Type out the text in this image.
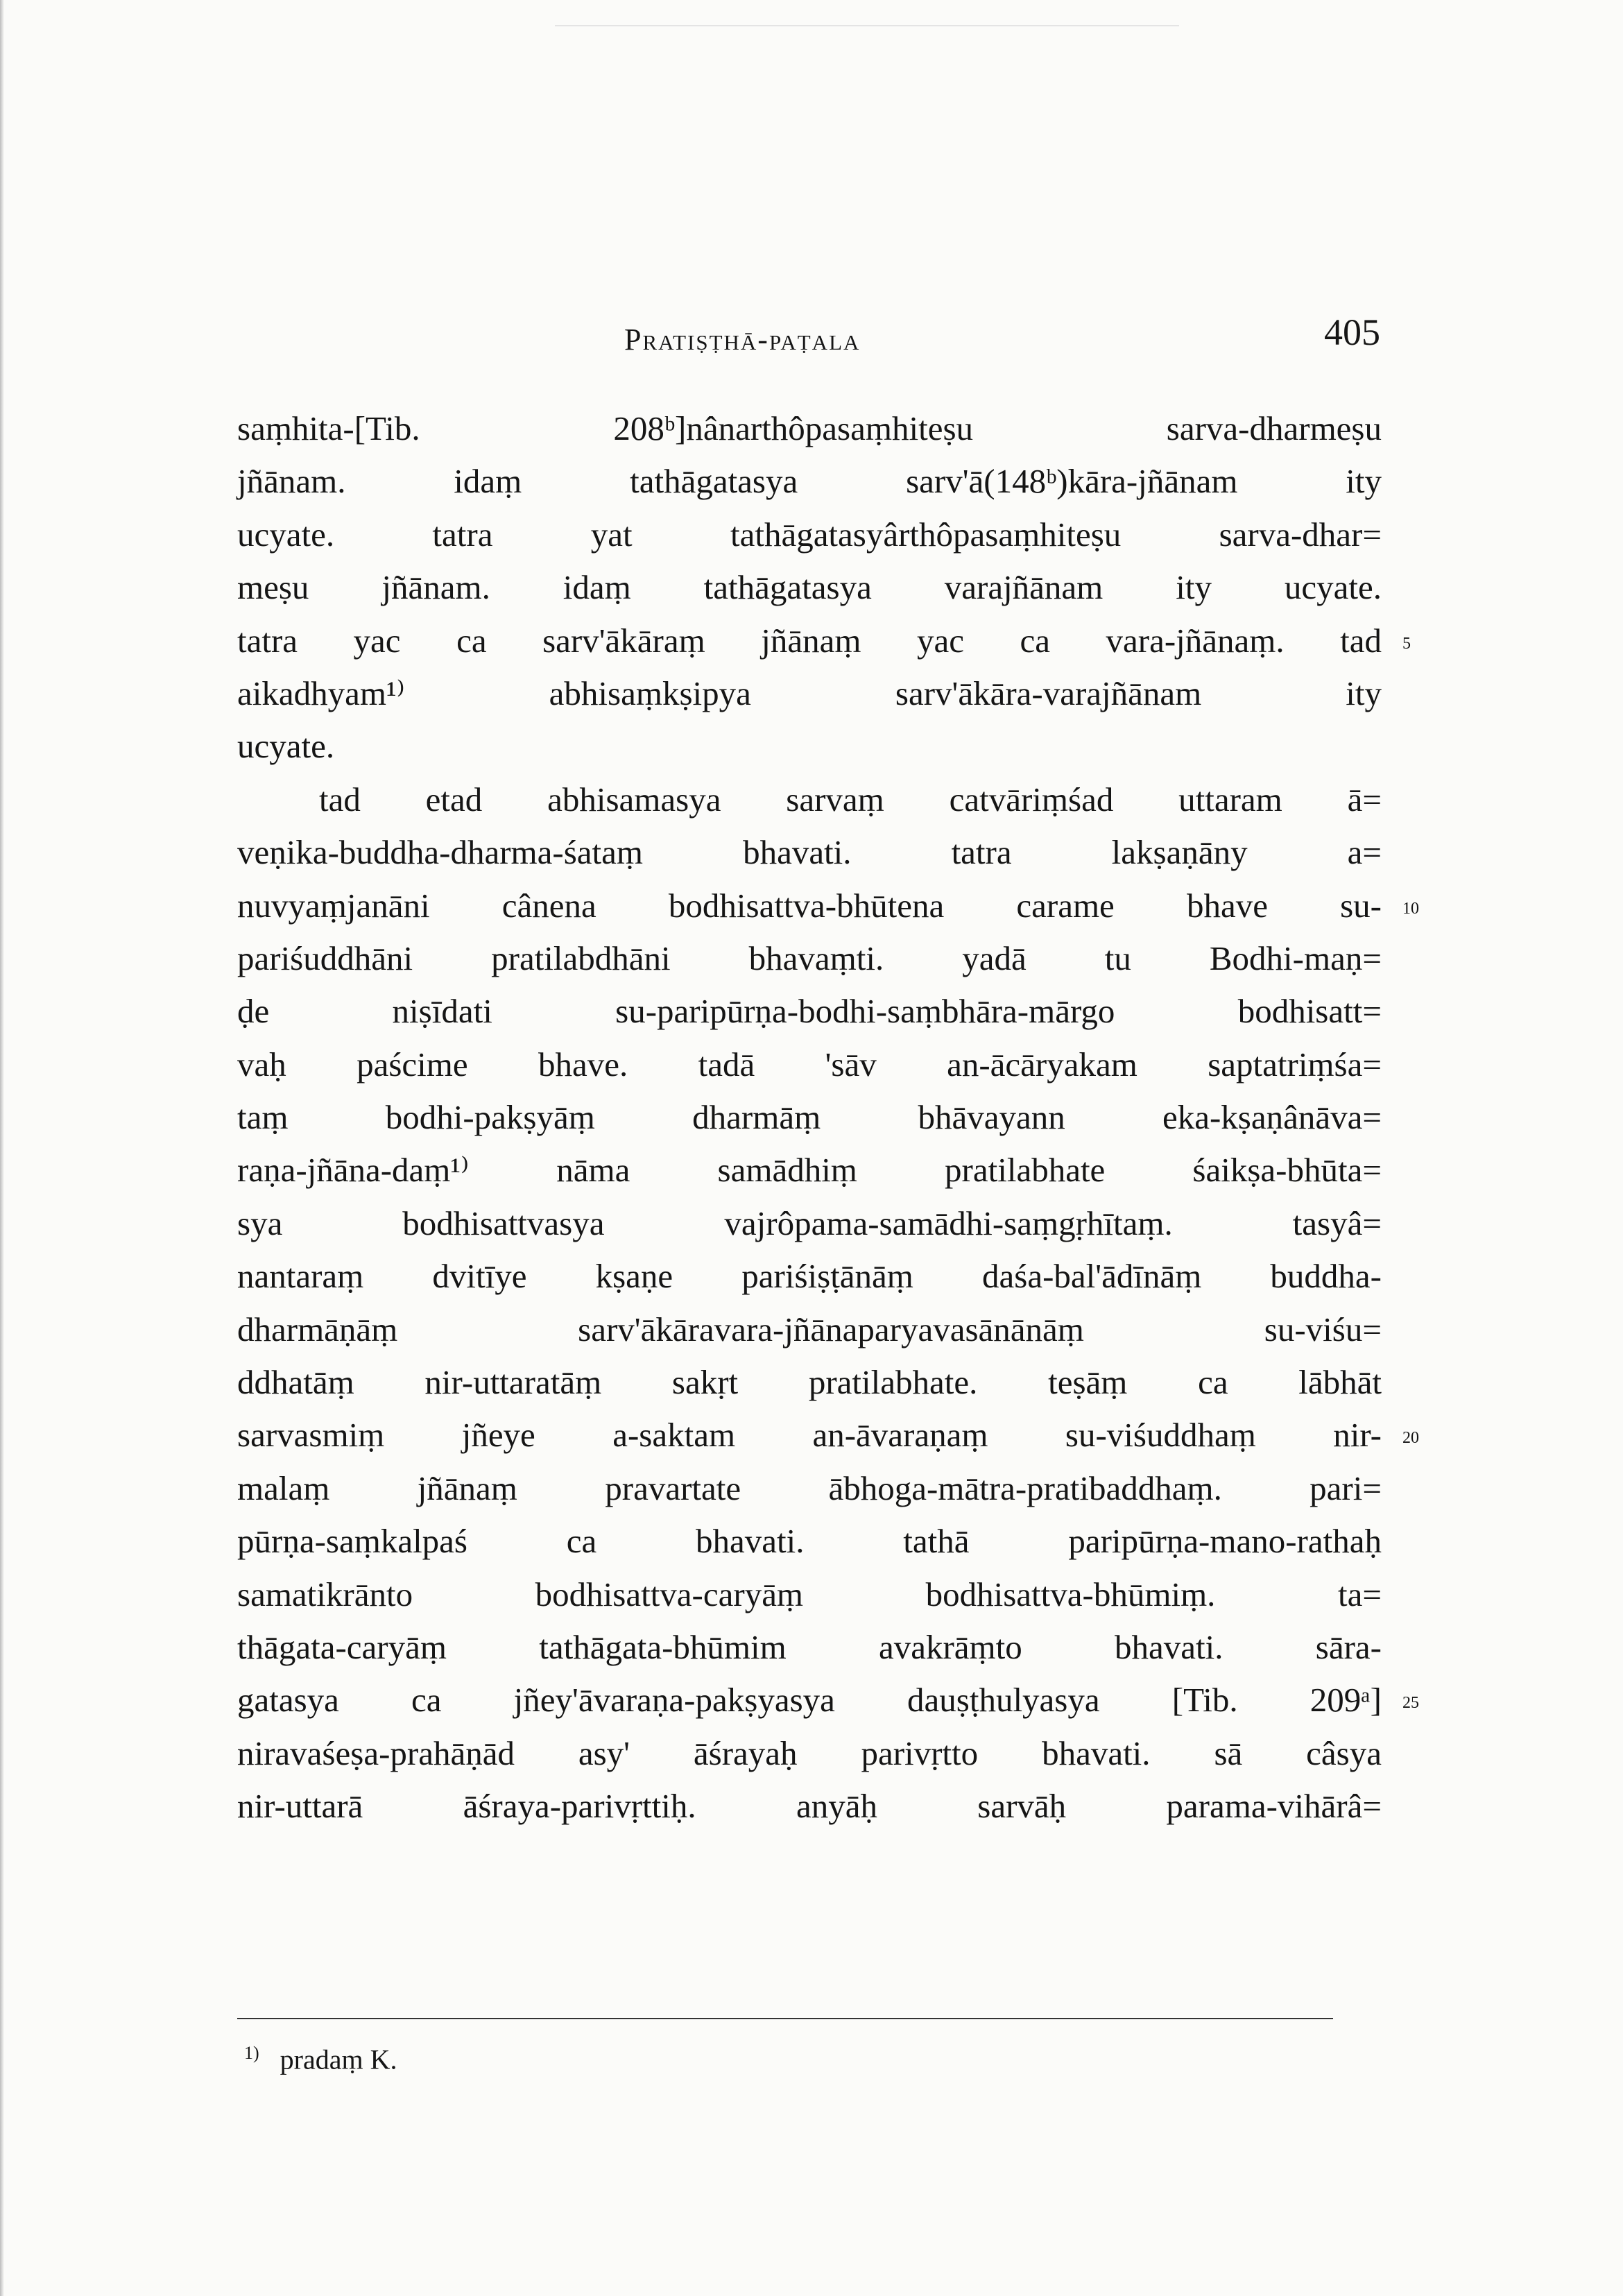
Pratiṣṭhā-paṭala	405
saṃhita-[Tib. 208ᵇ]nânarthôpasaṃhiteṣu sarva-dharmeṣu
jñānam. idaṃ tathāgatasya sarv'ā(148ᵇ)kāra-jñānam ity
ucyate. tatra yat tathāgatasyârthôpasaṃhiteṣu sarva-dhar=
meṣu jñānam. idaṃ tathāgatasya varajñānam ity ucyate.
tatra yac ca sarv'ākāraṃ jñānaṃ yac ca vara-jñānaṃ. tad 5
aikadhyam¹⁾ abhisaṃkṣipya sarv'ākāra-varajñānam ity
ucyate.
tad etad abhisamasya sarvaṃ catvāriṃśad uttaram ā=
veṇika-buddha-dharma-śataṃ bhavati. tatra lakṣaṇāny a=
nuvyaṃjanāni cânena bodhisattva-bhūtena carame bhave su- 10
pariśuddhāni pratilabdhāni bhavaṃti. yadā tu Bodhi-maṇ=
ḍe niṣīdati su-paripūrṇa-bodhi-saṃbhāra-mārgo bodhisatt=
vaḥ paścime bhave. tadā 'sāv an-ācāryakam saptatriṃśa=
taṃ bodhi-pakṣyāṃ dharmāṃ bhāvayann eka-kṣaṇânāva=
raṇa-jñāna-daṃ¹⁾ nāma samādhiṃ pratilabhate śaikṣa-bhūta=
sya bodhisattvasya vajrôpama-samādhi-saṃgṛhītaṃ. tasyâ=
nantaraṃ dvitīye kṣaṇe pariśiṣṭānāṃ daśa-bal'ādīnāṃ buddha-
dharmāṇāṃ sarv'ākāravara-jñānaparyavasānānāṃ su-viśu=
ddhatāṃ nir-uttaratāṃ sakṛt pratilabhate. teṣāṃ ca lābhāt
sarvasmiṃ jñeye a-saktam an-āvaraṇaṃ su-viśuddhaṃ nir- 20
malaṃ jñānaṃ pravartate ābhoga-mātra-pratibaddhaṃ. pari=
pūrṇa-saṃkalpaś ca bhavati. tathā paripūrṇa-mano-rathaḥ
samatikrānto bodhisattva-caryāṃ bodhisattva-bhūmiṃ. ta=
thāgata-caryāṃ tathāgata-bhūmim avakrāṃto bhavati. sāra-
gatasya ca jñey'āvaraṇa-pakṣyasya dauṣṭhulyasya [Tib. 209ᵃ] 25
niravaśeṣa-prahāṇād asy' āśrayaḥ parivṛtto bhavati. sā câsya
nir-uttarā āśraya-parivṛttiḥ. anyāḥ sarvāḥ parama-vihārâ=
$^{1)}$ pradaṃ K.
